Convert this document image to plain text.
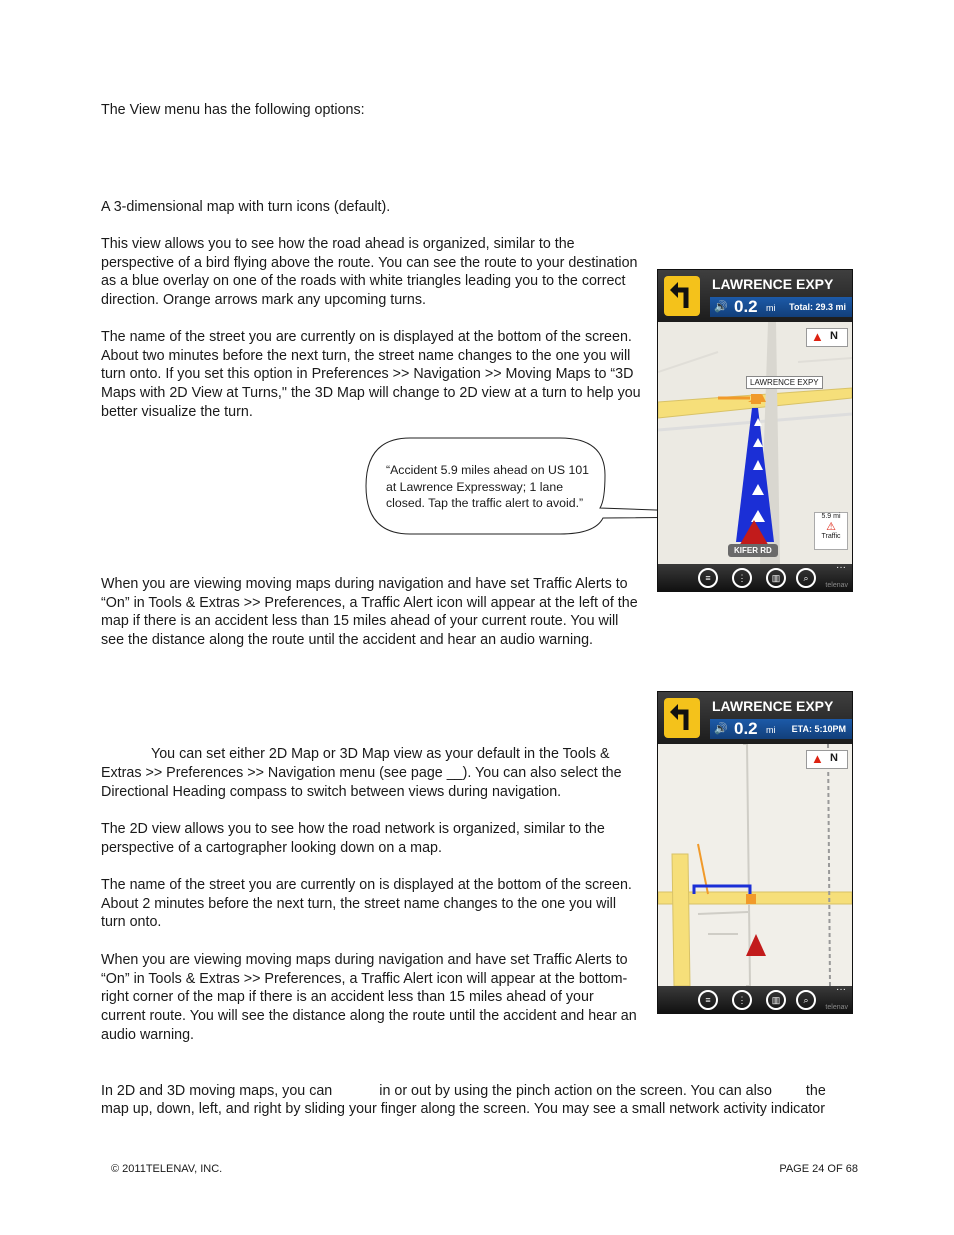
The View menu has the following options:

A 3-dimensional map with turn icons (default).

This view allows you to see how the road ahead is organized, similar to the perspective of a bird flying above the route. You can see the route to your destination as a blue overlay on one of the roads with white triangles leading you to the correct direction. Orange arrows mark any upcoming turns.

The name of the street you are currently on is displayed at the bottom of the screen. About two minutes before the next turn, the street name changes to the one you will turn onto. If you set this option in Preferences >> Navigation >> Moving Maps to “3D Maps with 2D View at Turns," the 3D Map will change to 2D view at a turn to help you better visualize the turn.

“Accident 5.9 miles ahead on US 101 at Lawrence Expressway; 1 lane closed. Tap the traffic alert to avoid.”

When you are viewing moving maps during navigation and have set Traffic Alerts to “On” in Tools & Extras >> Preferences, a Traffic Alert icon will appear at the left of the map if there is an accident less than 15 miles ahead of your current route. You will see the distance along the route until the accident and hear an audio warning.

LAWRENCE EXPY
🔊 0.2 mi Total: 29.3 mi
▲ N
LAWRENCE EXPY
5.9 mi
⚠
Traffic
KIFER RD
≡	⋮	▥	⌕
···
telenav

You can set either 2D Map or 3D Map view as your default in the Tools &

Extras >> Preferences >> Navigation menu (see page __). You can also select the Directional Heading compass to switch between views during navigation.

The 2D view allows you to see how the road network is organized, similar to the perspective of a cartographer looking down on a map.

The name of the street you are currently on is displayed at the bottom of the screen. About 2 minutes before the next turn, the street name changes to the one you will turn onto.

When you are viewing moving maps during navigation and have set Traffic Alerts to “On” in Tools & Extras >> Preferences, a Traffic Alert icon will appear at the bottom-right corner of the map if there is an accident less than 15 miles ahead of your current route. You will see the distance along the route until the accident and hear an audio warning.

LAWRENCE EXPY
🔊 0.2 mi ETA: 5:10PM
▲ N
≡	⋮	▥	⌕
···
telenav
In 2D and 3D moving maps, you can	in or out by using the pinch action on the screen. You can also the

map up, down, left, and right by sliding your finger along the screen. You may see a small network activity indicator

© 2011TELENAV, INC.	PAGE 24 OF 68
